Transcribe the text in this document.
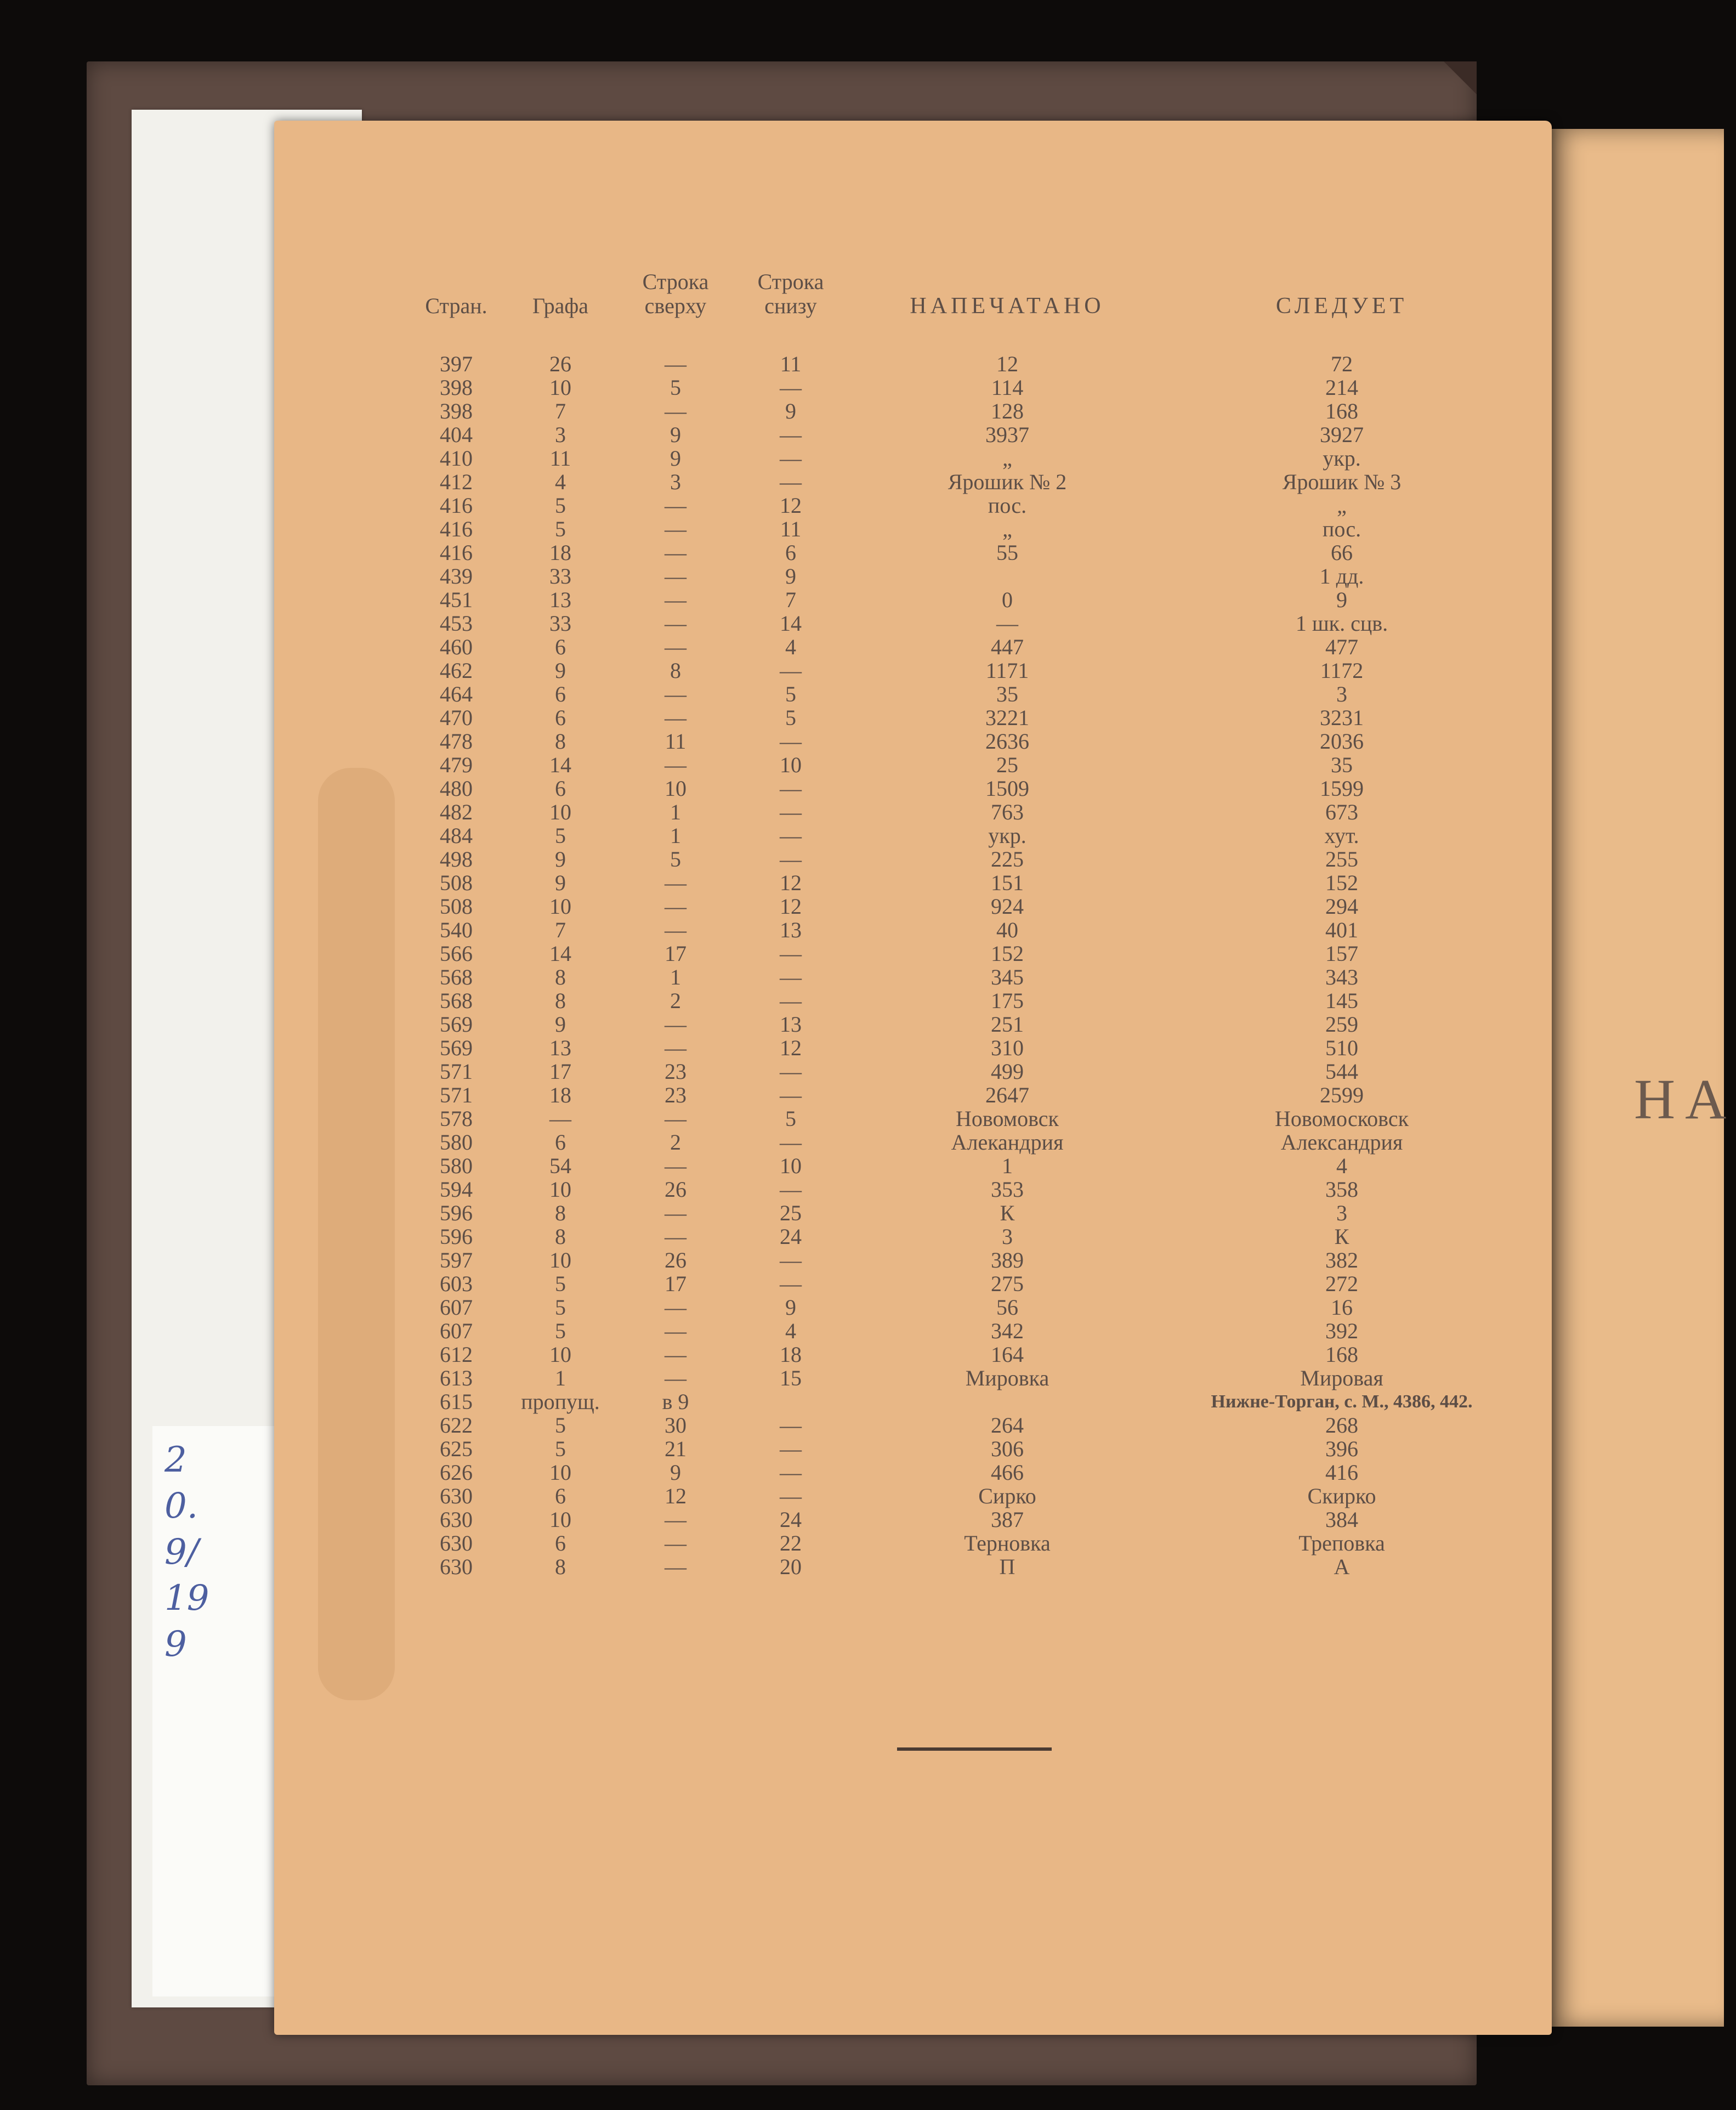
2
0.
9/
19
9
НА
Стран.	Графа	Строка сверху	Строка снизу	НАПЕЧАТАНО	СЛЕДУЕТ
397	26	—	11	12	72
398	10	5	—	114	214
398	7	—	9	128	168
404	3	9	—	3937	3927
410	11	9	—	„	укр.
412	4	3	—	Ярошик № 2	Ярошик № 3
416	5	—	12	пос.	„
416	5	—	11	„	пос.
416	18	—	6	55	66
439	33	—	9		1 дд.
451	13	—	7	0	9
453	33	—	14	—	1 шк. сцв.
460	6	—	4	447	477
462	9	8	—	1171	1172
464	6	—	5	35	3
470	6	—	5	3221	3231
478	8	11	—	2636	2036
479	14	—	10	25	35
480	6	10	—	1509	1599
482	10	1	—	763	673
484	5	1	—	укр.	хут.
498	9	5	—	225	255
508	9	—	12	151	152
508	10	—	12	924	294
540	7	—	13	40	401
566	14	17	—	152	157
568	8	1	—	345	343
568	8	2	—	175	145
569	9	—	13	251	259
569	13	—	12	310	510
571	17	23	—	499	544
571	18	23	—	2647	2599
578	—	—	5	Новомовск	Новомосковск
580	6	2	—	Алекандрия	Александрия
580	54	—	10	1	4
594	10	26	—	353	358
596	8	—	25	К	3
596	8	—	24	3	К
597	10	26	—	389	382
603	5	17	—	275	272
607	5	—	9	56	16
607	5	—	4	342	392
612	10	—	18	164	168
613	1	—	15	Мировка	Мировая
615	пропущ.	в 9			Нижне-Торган, с. М., 4386, 442.
622	5	30	—	264	268
625	5	21	—	306	396
626	10	9	—	466	416
630	6	12	—	Сирко	Скирко
630	10	—	24	387	384
630	6	—	22	Терновка	Треповка
630	8	—	20	П	А
